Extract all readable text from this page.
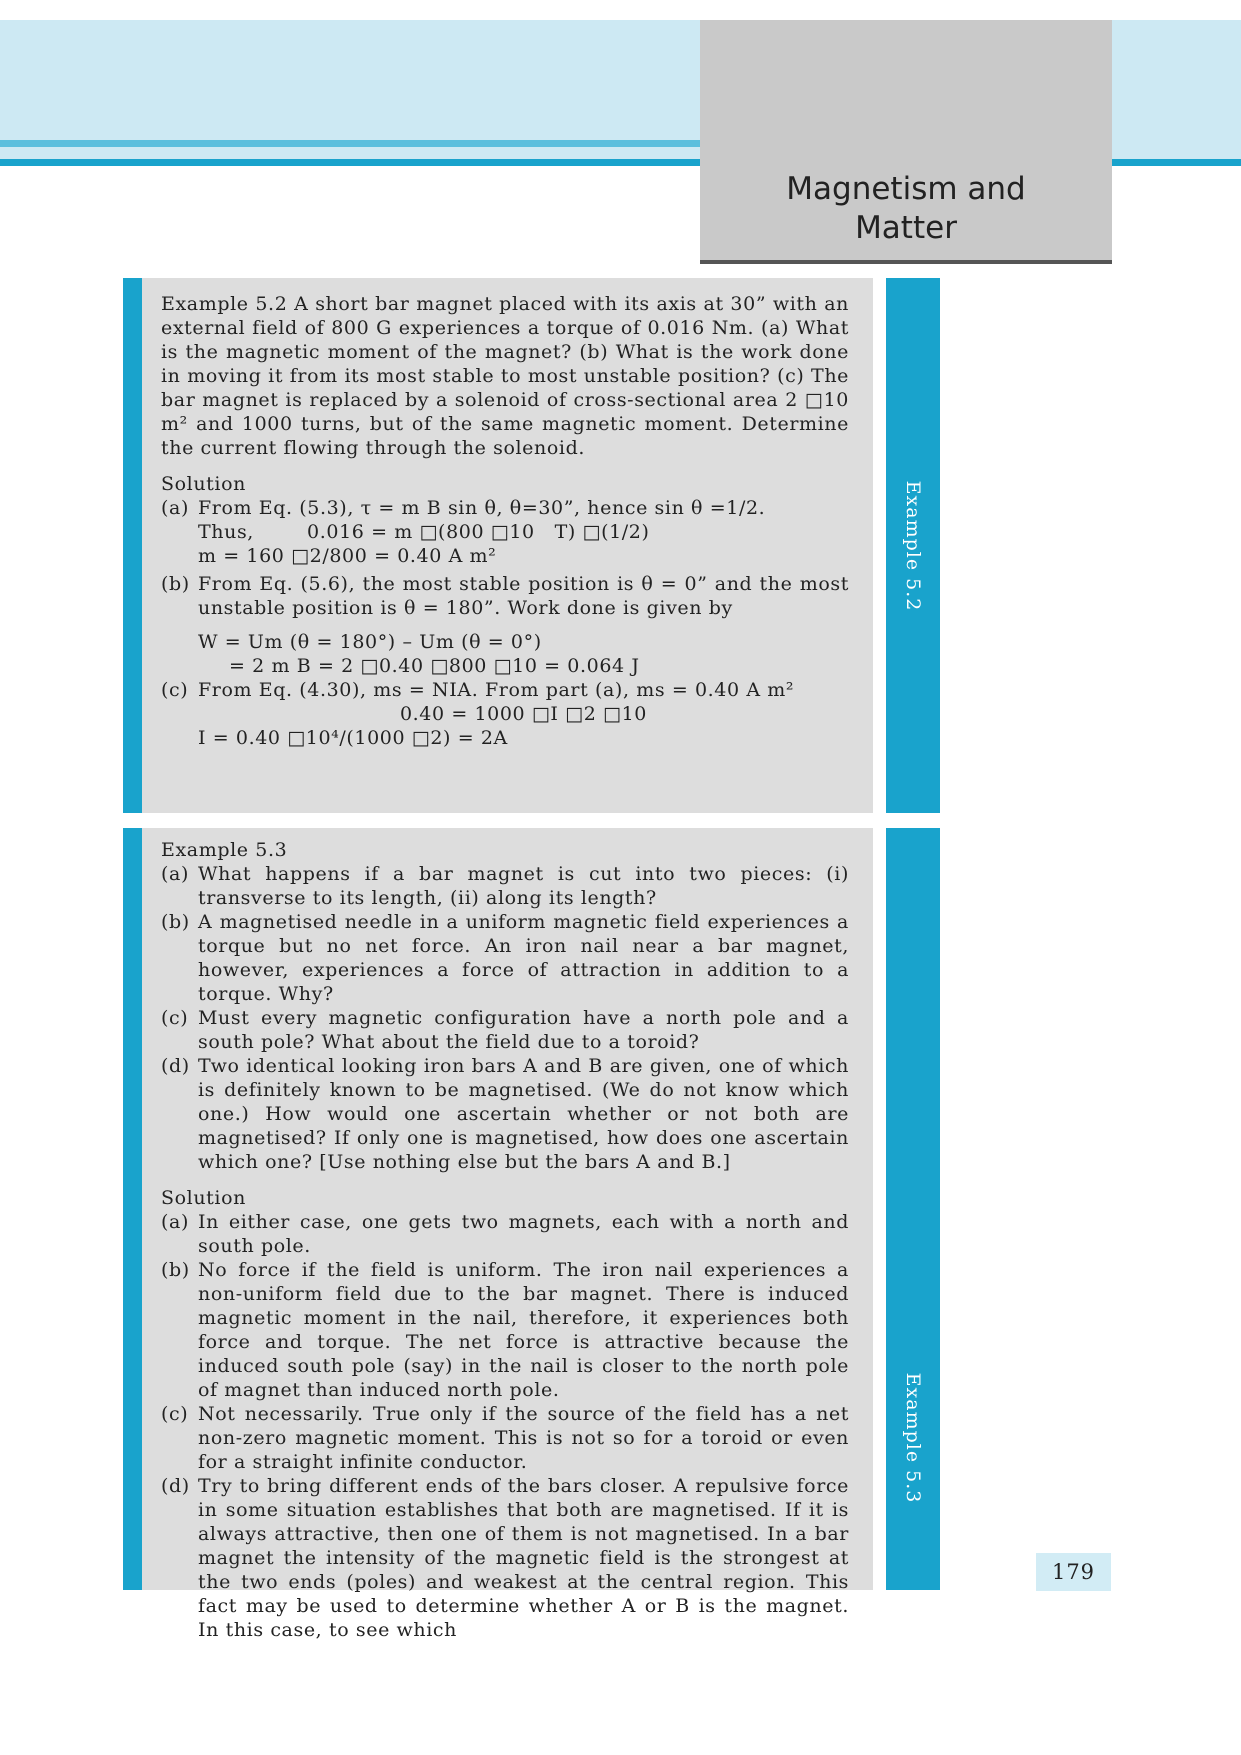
Magnetism and
Matter

Example 5.2 A short bar magnet placed with its axis at 30” with an external field of 800 G experiences a torque of 0.016 Nm. (a) What is the magnetic moment of the magnet? (b) What is the work done in moving it from its most stable to most unstable position? (c) The bar magnet is replaced by a solenoid of cross-sectional area 2 □10 m² and 1000 turns, but of the same magnetic moment. Determine the current flowing through the solenoid.

Solution

(a) From Eq. (5.3), τ = m B sin θ, θ=30”, hence sin θ =1/2.

Thus,        0.016 = m □(800 □10   T) □(1/2)

m = 160 □2/800 = 0.40 A m²

(b) From Eq. (5.6), the most stable position is θ = 0” and the most unstable position is θ = 180”. Work done is given by

W = Um (θ = 180°) – Um (θ = 0°)

= 2 m B = 2 □0.40 □800 □10 = 0.064 J

(c) From Eq. (4.30), ms = NIA. From part (a), ms = 0.40 A m²

0.40 = 1000 □I □2 □10

I = 0.40 □10⁴/(1000 □2) = 2A

Example 5.2

Example 5.3

(a) What happens if a bar magnet is cut into two pieces: (i) transverse to its length, (ii) along its length?
(b) A magnetised needle in a uniform magnetic field experiences a torque but no net force. An iron nail near a bar magnet, however, experiences a force of attraction in addition to a torque. Why?
(c) Must every magnetic configuration have a north pole and a south pole? What about the field due to a toroid?
(d) Two identical looking iron bars A and B are given, one of which is definitely known to be magnetised. (We do not know which one.) How would one ascertain whether or not both are magnetised? If only one is magnetised, how does one ascertain which one? [Use nothing else but the bars A and B.]

Solution

(a) In either case, one gets two magnets, each with a north and south pole.
(b) No force if the field is uniform. The iron nail experiences a non-uniform field due to the bar magnet. There is induced magnetic moment in the nail, therefore, it experiences both force and torque. The net force is attractive because the induced south pole (say) in the nail is closer to the north pole of magnet than induced north pole.
(c) Not necessarily. True only if the source of the field has a net non-zero magnetic moment. This is not so for a toroid or even for a straight infinite conductor.
(d) Try to bring different ends of the bars closer. A repulsive force in some situation establishes that both are magnetised. If it is always attractive, then one of them is not magnetised. In a bar magnet the intensity of the magnetic field is the strongest at the two ends (poles) and weakest at the central region. This fact may be used to determine whether A or B is the magnet. In this case, to see which
Example 5.3
179
